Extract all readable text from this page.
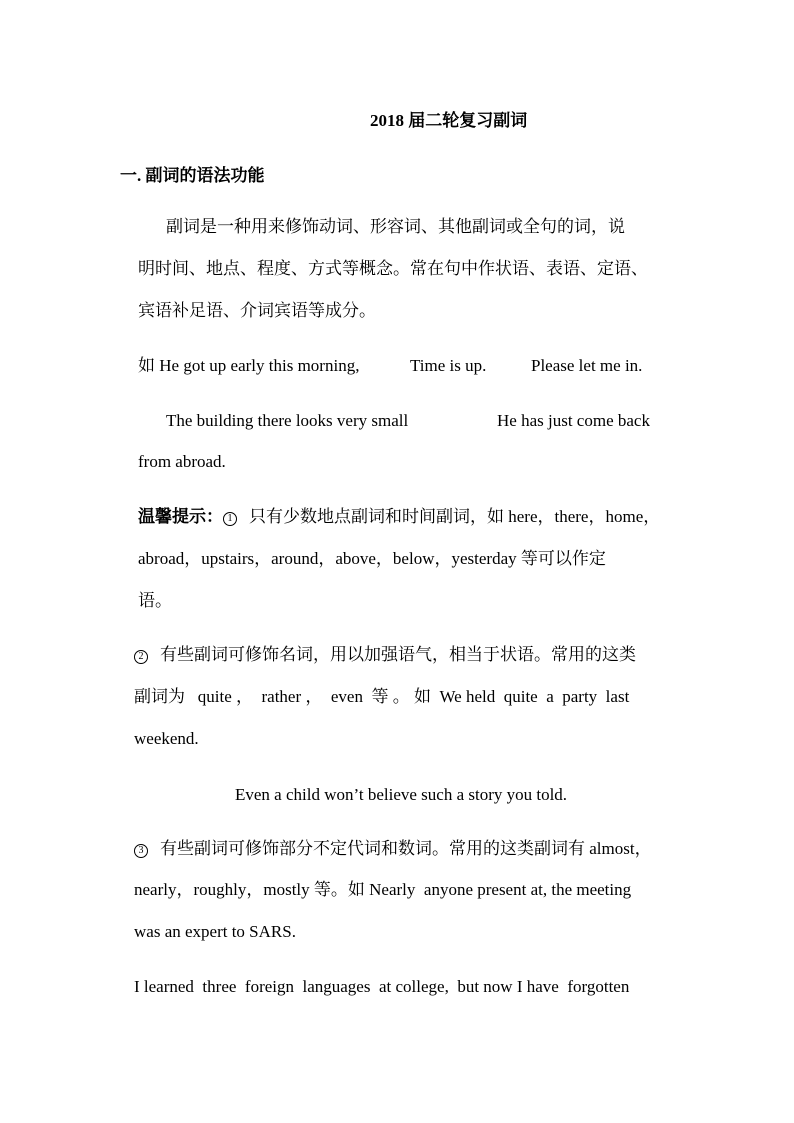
2018 届二轮复习副词
一. 副词的语法功能
副词是一种用来修饰动词、形容词、其他副词或全句的词，说
明时间、地点、程度、方式等概念。常在句中作状语、表语、定语、
宾语补足语、介词宾语等成分。
如 He got up early this morning,	Time is up.	Please let me in.
The building there looks very small	He has just come back
from abroad.
温馨提示： 1 只有少数地点副词和时间副词，如 here，there，home，
abroad，upstairs，around，above，below，yesterday 等可以作定
语。
2 有些副词可修饰名词，用以加强语气，相当于状语。常用的这类
副词为   quite ，  rather ，  even  等 。 如  We held  quite  a  party  last
weekend.
Even a child won’t believe such a story you told.
3 有些副词可修饰部分不定代词和数词。常用的这类副词有 almost，
nearly，roughly，mostly 等。如 Nearly  anyone present at, the meeting
was an expert to SARS.
I learned  three  foreign  languages  at college,  but now I have  forgotten
